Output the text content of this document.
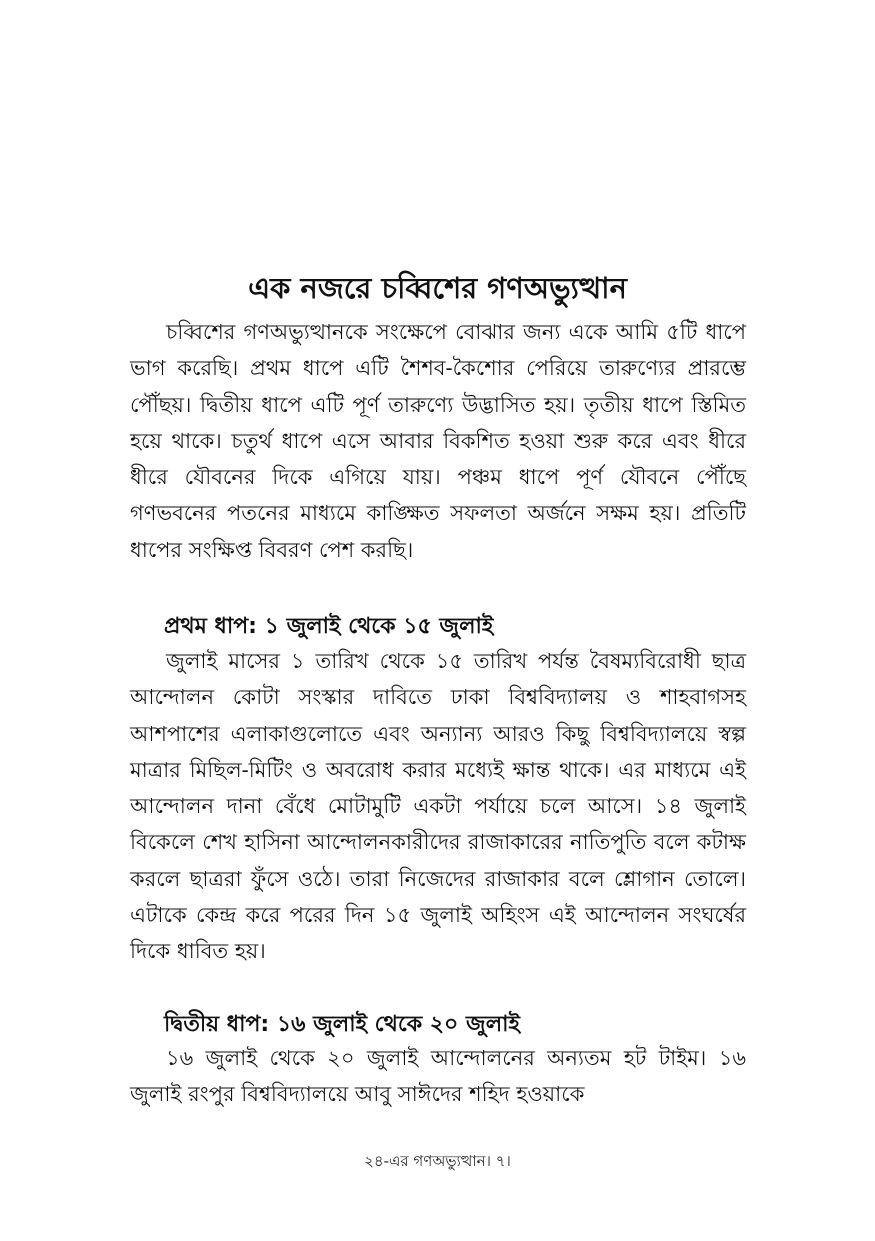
এক নজরে চব্বিশের গণঅভ্যুত্থান

চব্বিশের গণঅভ্যুত্থানকে সংক্ষেপে বোঝার জন্য একে আমি ৫টি ধাপে ভাগ করেছি। প্রথম ধাপে এটি শৈশব-কৈশোর পেরিয়ে তারুণ্যের প্রারম্ভে পৌঁছয়। দ্বিতীয় ধাপে এটি পূর্ণ তারুণ্যে উদ্ভাসিত হয়। তৃতীয় ধাপে স্তিমিত হয়ে থাকে। চতুর্থ ধাপে এসে আবার বিকশিত হওয়া শুরু করে এবং ধীরে ধীরে যৌবনের দিকে এগিয়ে যায়। পঞ্চম ধাপে পূর্ণ যৌবনে পৌঁছে গণভবনের পতনের মাধ্যমে কাঙ্ক্ষিত সফলতা অর্জনে সক্ষম হয়। প্রতিটি ধাপের সংক্ষিপ্ত বিবরণ পেশ করছি।

প্রথম ধাপ: ১ জুলাই থেকে ১৫ জুলাই

জুলাই মাসের ১ তারিখ থেকে ১৫ তারিখ পর্যন্ত বৈষম্যবিরোধী ছাত্র আন্দোলন কোটা সংস্কার দাবিতে ঢাকা বিশ্ববিদ্যালয় ও শাহবাগসহ আশপাশের এলাকাগুলোতে এবং অন্যান্য আরও কিছু বিশ্ববিদ্যালয়ে স্বল্প মাত্রার মিছিল-মিটিং ও অবরোধ করার মধ্যেই ক্ষান্ত থাকে। এর মাধ্যমে এই আন্দোলন দানা বেঁধে মোটামুটি একটা পর্যায়ে চলে আসে। ১৪ জুলাই বিকেলে শেখ হাসিনা আন্দোলনকারীদের রাজাকারের নাতিপুতি বলে কটাক্ষ করলে ছাত্ররা ফুঁসে ওঠে। তারা নিজেদের রাজাকার বলে শ্লোগান তোলে। এটাকে কেন্দ্র করে পরের দিন ১৫ জুলাই অহিংস এই আন্দোলন সংঘর্ষের দিকে ধাবিত হয়।

দ্বিতীয় ধাপ: ১৬ জুলাই থেকে ২০ জুলাই

১৬ জুলাই থেকে ২০ জুলাই আন্দোলনের অন্যতম হট টাইম। ১৬ জুলাই রংপুর বিশ্ববিদ্যালয়ে আবু সাঈদের শহিদ হওয়াকে

২৪-এর গণঅভ্যুত্থান। ৭।
